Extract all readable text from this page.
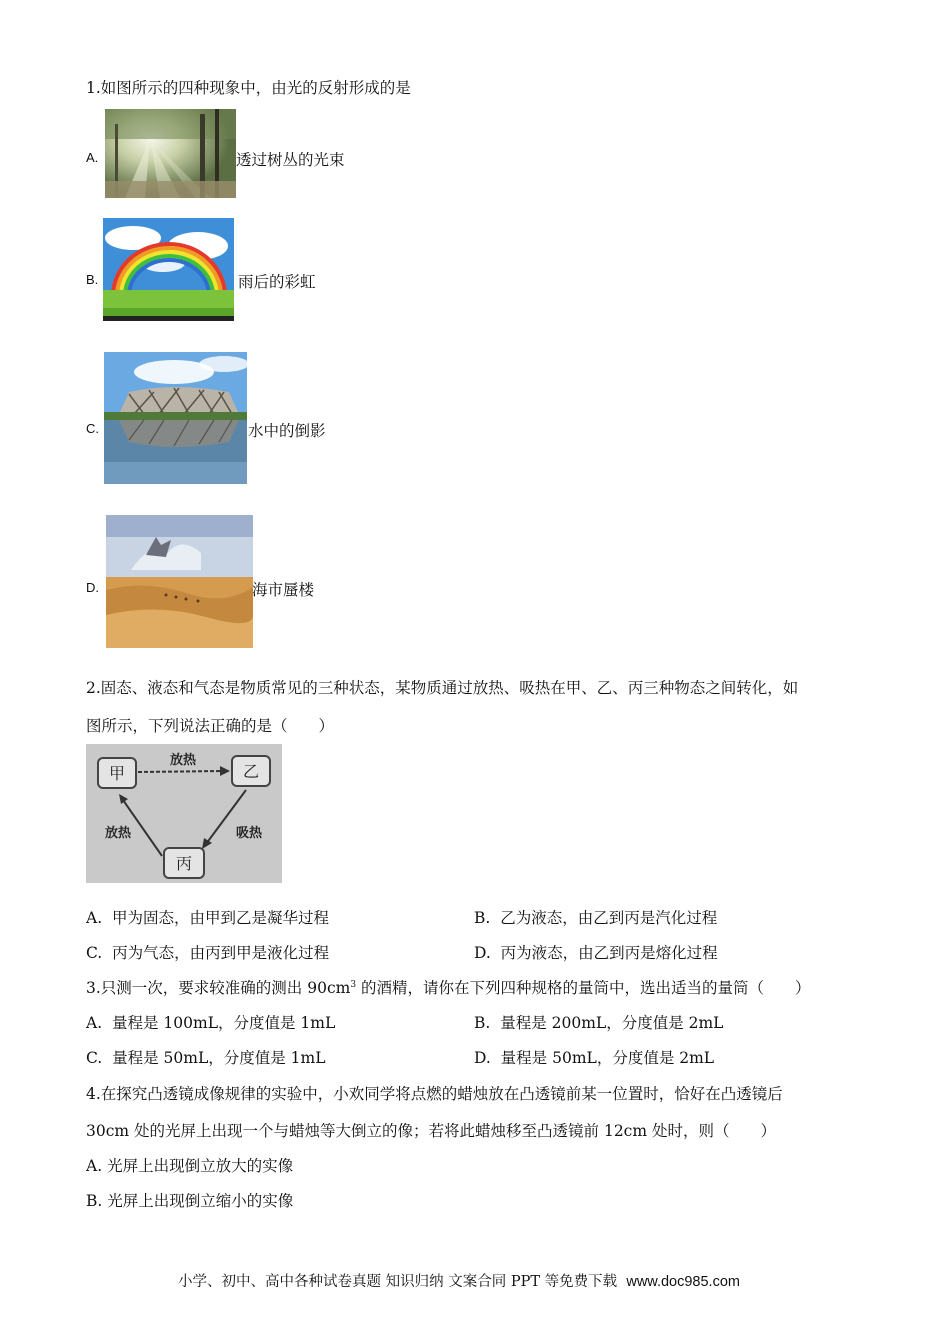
1.如图所示的四种现象中，由光的反射形成的是
A.	透过树丛的光束
B.	雨后的彩虹
C.	水中的倒影
D.	海市蜃楼
2.固态、液态和气态是物质常见的三种状态，某物质通过放热、吸热在甲、乙、丙三种物态之间转化，如
图所示，下列说法正确的是（　　）
甲	乙
丙
放热
吸热
放热
A. 甲为固态，由甲到乙是凝华过程	B. 乙为液态，由乙到丙是汽化过程
C. 丙为气态，由丙到甲是液化过程	D. 丙为液态，由乙到丙是熔化过程
3.只测一次，要求较准确的测出 $90cm^3$ 的酒精，请你在下列四种规格的量筒中，选出适当的量筒（　　）
A. 量程是 100mL，分度值是 1mL	B. 量程是 200mL，分度值是 2mL
C. 量程是 50mL，分度值是 1mL	D. 量程是 50mL，分度值是 2mL
4.在探究凸透镜成像规律的实验中，小欢同学将点燃的蜡烛放在凸透镜前某一位置时，恰好在凸透镜后
30cm 处的光屏上出现一个与蜡烛等大倒立的像；若将此蜡烛移至凸透镜前 12cm 处时，则（　　）
A. 光屏上出现倒立放大的实像
B. 光屏上出现倒立缩小的实像
小学、初中、高中各种试卷真题 知识归纳 文案合同 PPT 等免费下载 www.doc985.com
